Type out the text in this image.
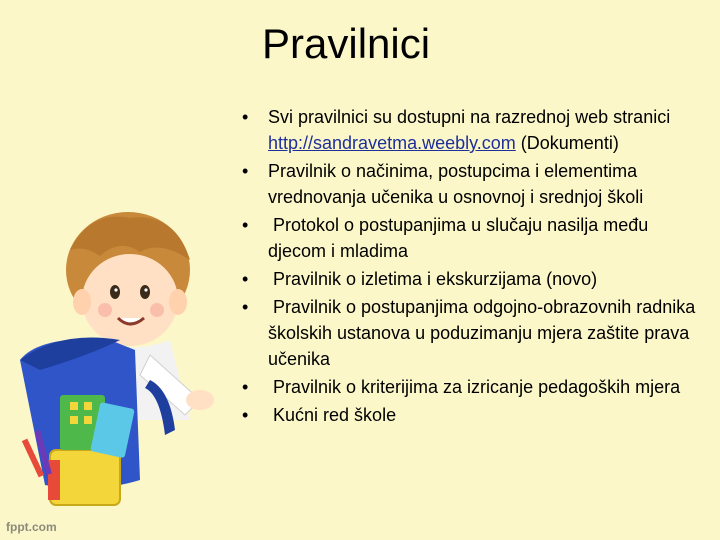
Pravilnici
• Svi pravilnici su dostupni na razrednoj web stranici http://sandravetma.weebly.com (Dokumenti)
• Pravilnik o načinima, postupcima i elementima vrednovanja učenika u osnovnoj i srednjoj školi
• Protokol o postupanjima u slučaju nasilja među djecom i mladima
• Pravilnik o izletima i ekskurzijama (novo)
• Pravilnik o postupanjima odgojno-obrazovnih radnika školskih ustanova u poduzimanju mjera zaštite prava učenika
• Pravilnik o kriterijima za izricanje pedagoških mjera
• Kućni red škole
fppt.com
